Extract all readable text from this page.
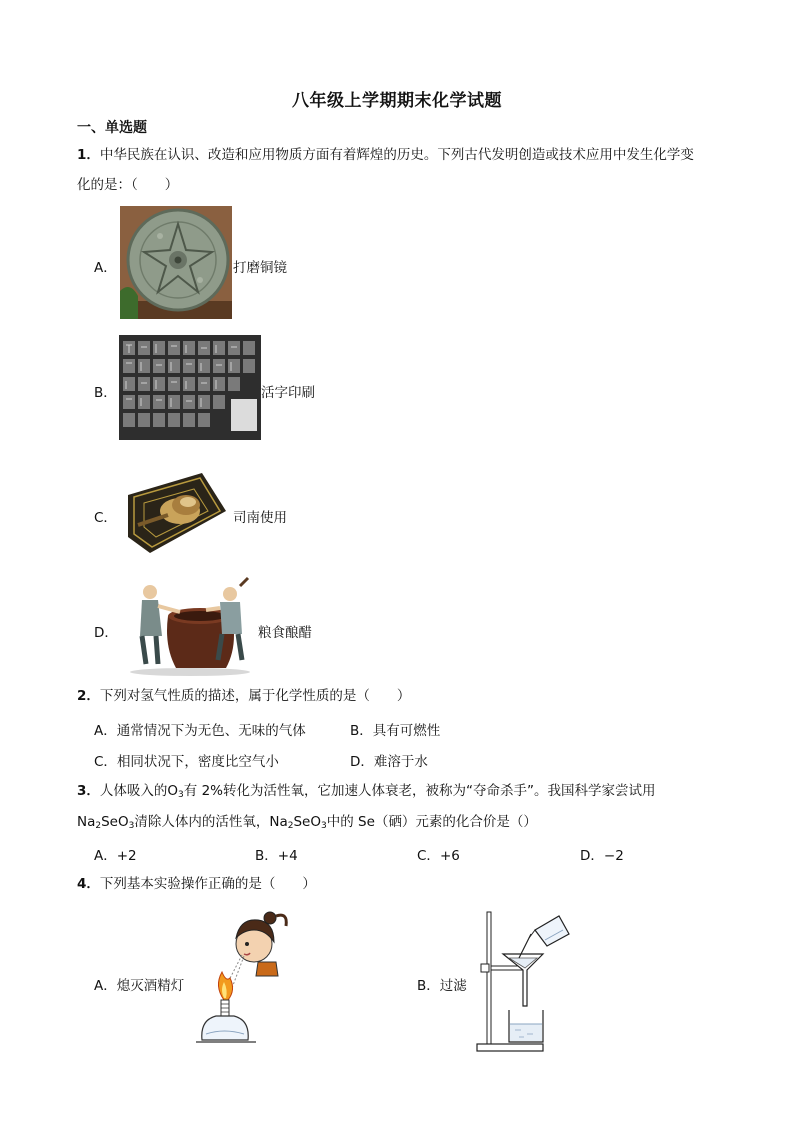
八年级上学期期末化学试题
一、单选题
1．中华民族在认识、改造和应用物质方面有着辉煌的历史。下列古代发明创造或技术应用中发生化学变
化的是：（　　）
A．	打磨铜镜
B．	活字印刷
C．	司南使用
D．	粮食酿醋
2．下列对氢气性质的描述，属于化学性质的是（　　）
A．通常情况下为无色、无味的气体	B．具有可燃性
C．相同状况下，密度比空气小	D．难溶于水
3．人体吸入的$O_3$有 2%转化为活性氧，它加速人体衰老，被称为“夺命杀手”。我国科学家尝试用
$Na_2SeO_3$清除人体内的活性氧，$Na_2SeO_3$中的 Se（硒）元素的化合价是（）
A．+2	B．+4	C．+6	D．−2
4．下列基本实验操作正确的是（　　）
A．熄灭酒精灯	B．过滤
